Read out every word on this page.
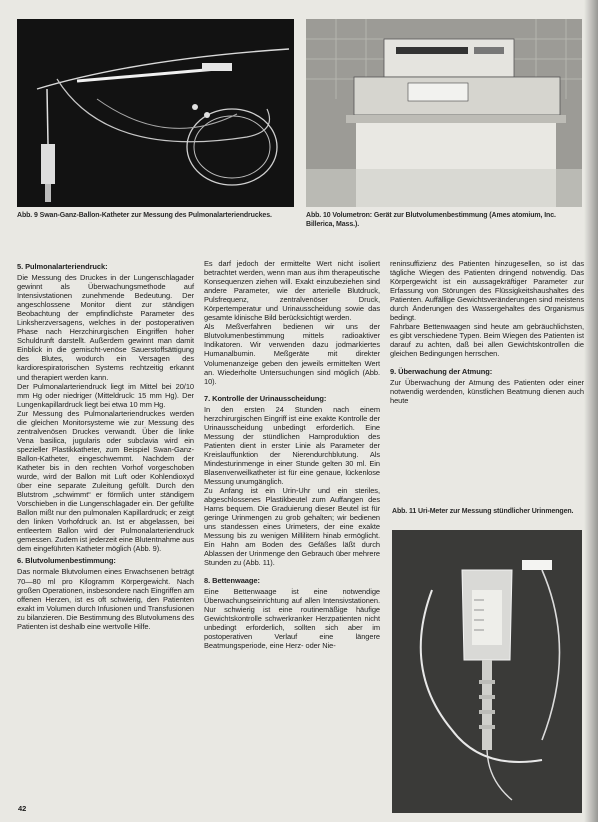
Abb. 9 Swan-Ganz-Ballon-Katheter zur Messung des Pulmonalarteriendruckes.	Abb. 10 Volumetron: Gerät zur Blutvolumenbestimmung (Ames atomium, Inc. Billerica, Mass.).
5. Pulmonalarteriendruck:

Die Messung des Druckes in der Lungenschlagader gewinnt als Überwachungsmethode auf Intensivstationen zunehmende Bedeutung. Der angeschlossene Monitor dient zur ständigen Beobachtung der empfindlichste Parameter des Linksherzversagens, welches in der postoperativen Phase nach Herzchirurgischen Eingriffen hoher Schuldrunft darstellt. Außerdem gewinnt man damit Einblick in die gemischt-venöse Sauerstoffsättigung des Blutes, wodurch ein Versagen des kardiorespiratorischen Systems rechtzeitig erkannt und therapiert werden kann.

Der Pulmonalarteriendruck liegt im Mittel bei 20/10 mm Hg oder niedriger (Mitteldruck: 15 mm Hg). Der Lungenkapillardruck liegt bei etwa 10 mm Hg.

Zur Messung des Pulmonalarteriendruckes werden die gleichen Monitorsysteme wie zur Messung des zentralvenösen Druckes verwandt. Über die linke Vena basilica, jugularis oder subclavia wird ein spezieller Plastikkatheter, zum Beispiel Swan-Ganz-Ballon-Katheter, eingeschwemmt. Nachdem der Katheter bis in den rechten Vorhof vorgeschoben wurde, wird der Ballon mit Luft oder Kohlendioxyd über eine separate Zuleitung gefüllt. Durch den Blutstrom „schwimmt“ er förmlich unter ständigem Vorschieben in die Lungenschlagader ein. Der gefüllte Ballon mißt nur den pulmonalen Kapillardruck; er zeigt den linken Vorhofdruck an. Ist er abgelassen, bei entleertem Ballon wird der Pulmonalarteriendruck gemessen. Zudem ist jederzeit eine Blutentnahme aus dem eingeführten Katheter möglich (Abb. 9).

6. Blutvolumenbestimmung:

Das normale Blutvolumen eines Erwachsenen beträgt 70—80 ml pro Kilogramm Körpergewicht. Nach großen Operationen, insbesondere nach Eingriffen am offenen Herzen, ist es oft schwierig, den Patienten exakt im Volumen durch Infusionen und Transfusionen zu bilanzieren. Die Bestimmung des Blutvolumens des Patienten ist deshalb eine wertvolle Hilfe.

Es darf jedoch der ermittelte Wert nicht isoliert betrachtet werden, wenn man aus ihm therapeutische Konsequenzen ziehen will. Exakt einzubeziehen sind andere Parameter, wie der arterielle Blutdruck, Pulsfrequenz, zentralvenöser Druck, Körpertemperatur und Urinausscheidung sowie das gesamte klinische Bild berücksichtigt werden.

Als Meßverfahren bedienen wir uns der Blutvolumenbestimmung mittels radioaktiver Indikatoren. Wir verwenden dazu jodmarkiertes Humanalbumin. Meßgeräte mit direkter Volumenanzeige geben den jeweils ermittelten Wert an. Wiederholte Untersuchungen sind möglich (Abb. 10).

7. Kontrolle der Urinausscheidung:

In den ersten 24 Stunden nach einem herzchirurgischen Eingriff ist eine exakte Kontrolle der Urinausscheidung unbedingt erforderlich. Eine Messung der stündlichen Harnproduktion des Patienten dient in erster Linie als Parameter der Kreislauffunktion der Nierendurchblutung. Als Mindesturinmenge in einer Stunde gelten 30 ml. Ein Blasenverweilkatheter ist für eine genaue, lückenlose Messung unumgänglich.

Zu Anfang ist ein Urin-Uhr und ein steriles, abgeschlossenes Plastikbeutel zum Auffangen des Harns bequem. Die Graduierung dieser Beutel ist für geringe Urinmengen zu grob gehalten; wir bedienen uns standessen eines Urimeters, der eine exakte Messung bis zu wenigen Millilitern hinab ermöglicht. Ein Hahn am Boden des Gefäßes läßt durch Ablassen der Urinmenge den Gebrauch über mehrere Stunden zu (Abb. 11).

8. Bettenwaage:

Eine Bettenwaage ist eine notwendige Überwachungseinrichtung auf allen Intensivstationen. Nur schwierig ist eine routinemäßige häufige Gewichtskontrolle schwerkranker Herzpatienten nicht unbedingt erforderlich, sollten sich aber im postoperativen Verlauf eine längere Beatmungsperiode, eine Herz- oder Nie-

reninsuffizienz des Patienten hinzugesellen, so ist das tägliche Wiegen des Patienten dringend notwendig. Das Körpergewicht ist ein aussagekräftiger Parameter zur Erfassung von Störungen des Flüssigkeitshaushaltes des Patienten. Auffällige Gewichtsveränderungen sind meistens durch Änderungen des Wassergehaltes des Organismus bedingt.

Fahrbare Bettenwaagen sind heute am gebräuchlichsten, es gibt verschiedene Typen. Beim Wiegen des Patienten ist darauf zu achten, daß bei allen Gewichtskontrollen die gleichen Bedingungen herrschen.

9. Überwachung der Atmung:

Zur Überwachung der Atmung des Patienten oder einer notwendig werdenden, künstlichen Beatmung dienen auch heute

Abb. 11 Uri-Meter zur Messung stündlicher Urinmengen.
42
